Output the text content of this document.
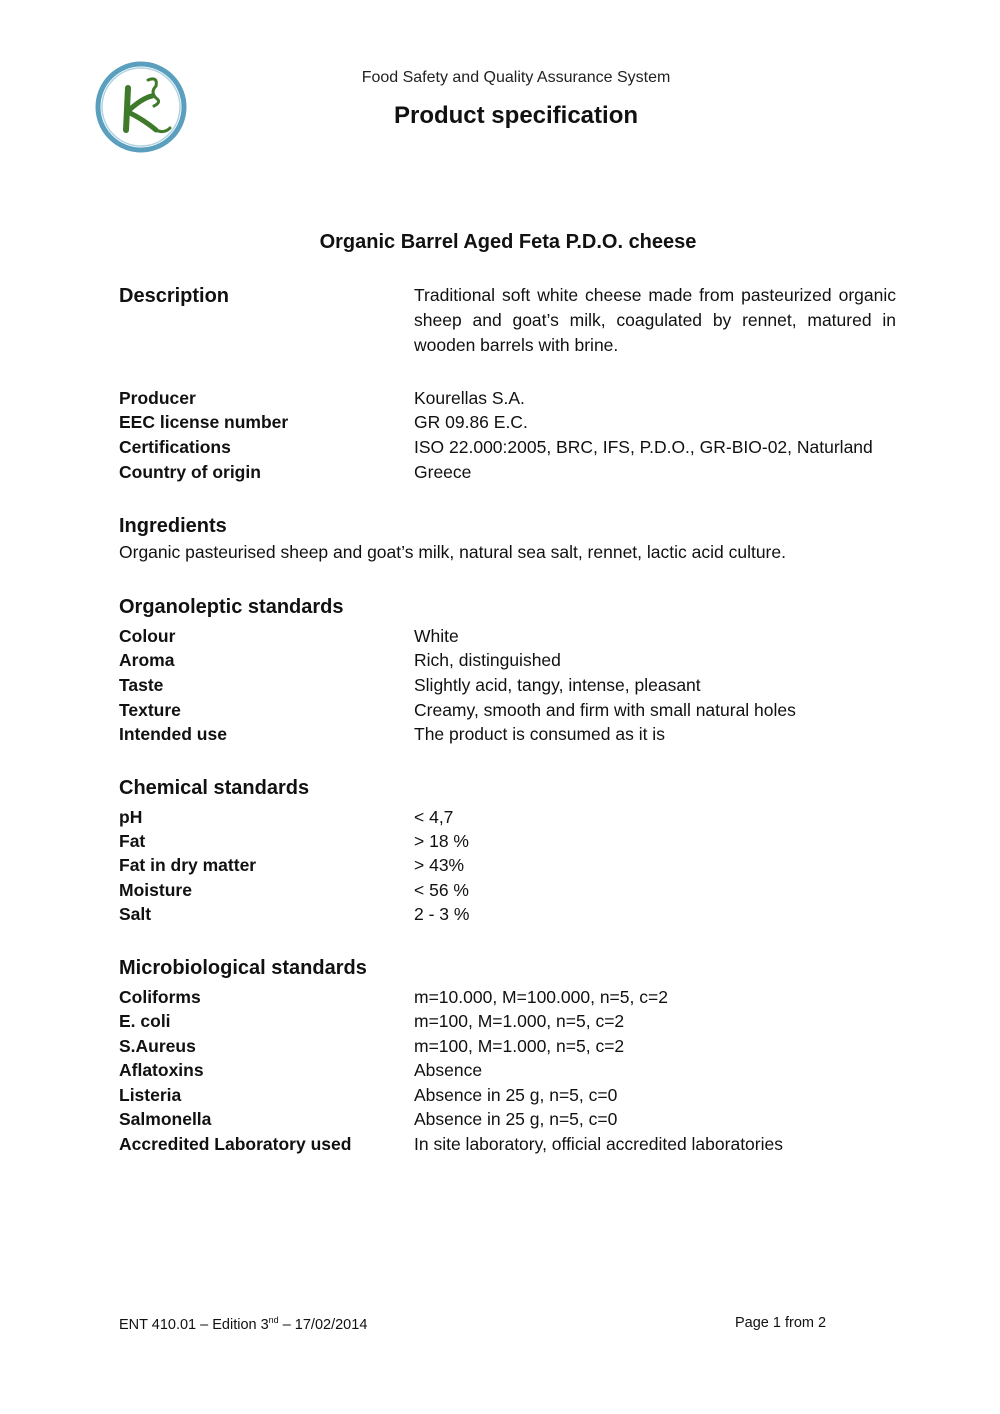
Food Safety and Quality Assurance System
Product specification
Organic Barrel Aged Feta P.D.O. cheese
Description	Traditional soft white cheese made from pasteurized organic sheep and goat’s milk, coagulated by rennet, matured in wooden barrels with brine.
Producer	Kourellas S.A.
EEC license number	GR 09.86 E.C.
Certifications	ISO 22.000:2005, BRC, IFS, P.D.O., GR-BIO-02, Naturland
Country of origin	Greece
Ingredients
Organic pasteurised sheep and goat’s milk, natural sea salt, rennet, lactic acid culture.
Organoleptic standards
Colour	White
Aroma	Rich, distinguished
Taste	Slightly acid, tangy, intense, pleasant
Texture	Creamy, smooth and firm with small natural holes
Intended use	The product is consumed as it is
Chemical standards
pH	< 4,7
Fat	> 18 %
Fat in dry matter	> 43%
Moisture	< 56 %
Salt	2 - 3 %
Microbiological standards
Coliforms	m=10.000, M=100.000, n=5, c=2
E. coli	m=100, M=1.000, n=5, c=2
S.Aureus	m=100, M=1.000, n=5, c=2
Aflatoxins	Absence
Listeria	Absence in 25 g, n=5, c=0
Salmonella	Absence in 25 g, n=5, c=0
Accredited Laboratory used	In site laboratory, official accredited laboratories
ENT 410.01 – Edition 3nd – 17/02/2014	Page 1 from 2
